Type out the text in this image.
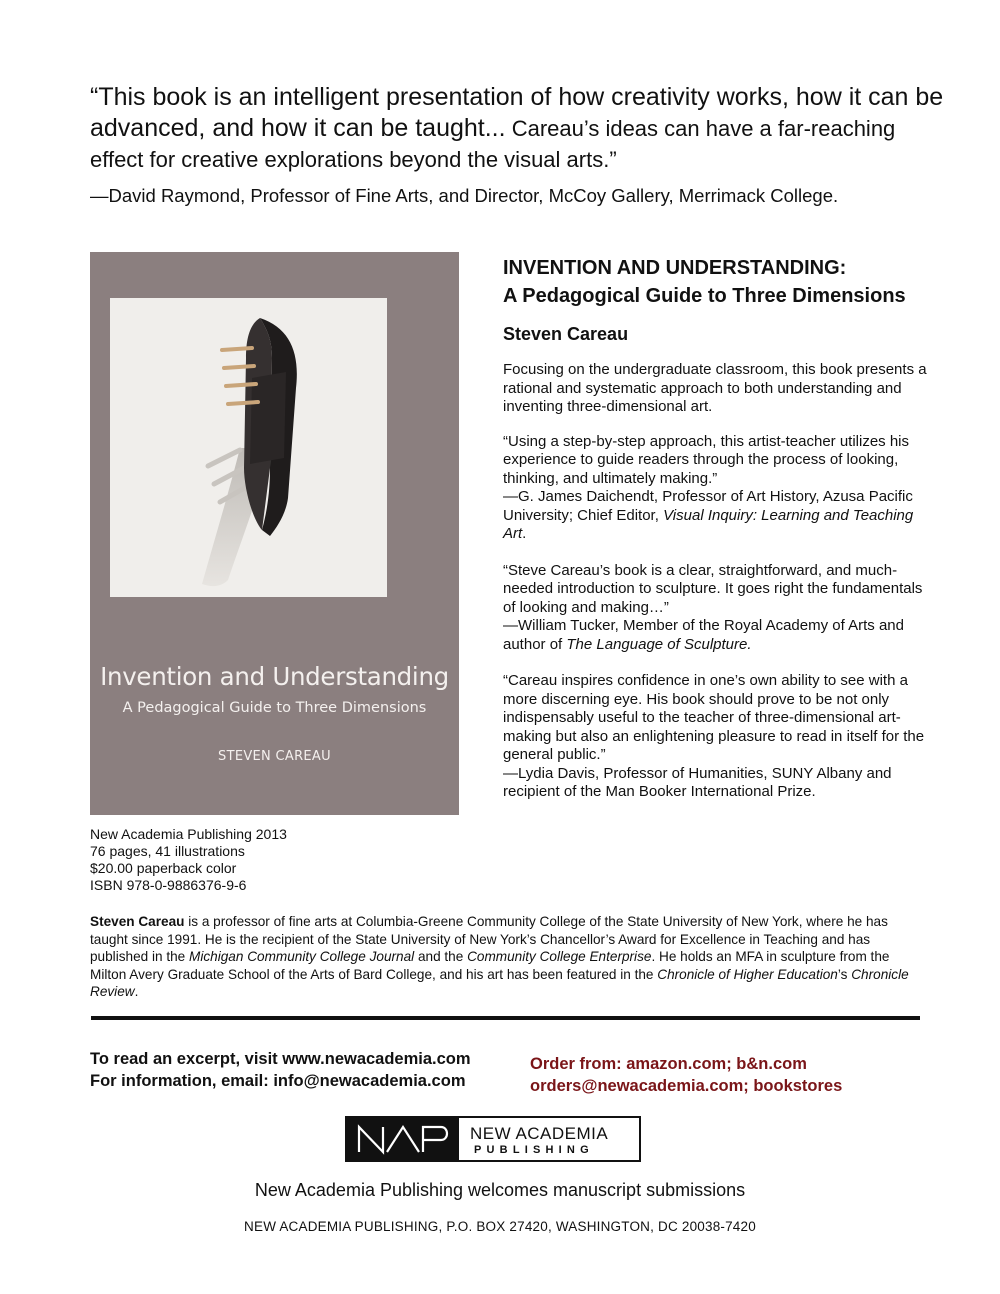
“This book is an intelligent presentation of how creativity works, how it can be advanced, and how it can be taught... Careau’s ideas can have a far-reaching effect for creative explorations beyond the visual arts.”
—David Raymond, Professor of Fine Arts, and Director, McCoy Gallery, Merrimack College.
Invention and Understanding
A Pedagogical Guide to Three Dimensions
STEVEN CAREAU
New Academia Publishing 2013
76 pages, 41 illustrations
$20.00 paperback color
ISBN 978-0-9886376-9-6
INVENTION AND UNDERSTANDING:
A Pedagogical Guide to Three Dimensions
Steven Careau

Focusing on the undergraduate classroom, this book presents a rational and systematic approach to both understanding and inventing three-dimensional art.

“Using a step-by-step approach, this artist-teacher utilizes his experience to guide readers through the process of looking, thinking, and ultimately making.”
—G. James Daichendt, Professor of Art History, Azusa Pacific University; Chief Editor, Visual Inquiry: Learning and Teaching Art.

“Steve Careau’s book is a clear, straightforward, and much-needed introduction to sculpture. It goes right the fundamentals of looking and making…”
—William Tucker, Member of the Royal Academy of Arts and author of The Language of Sculpture.

“Careau inspires confidence in one’s own ability to see with a more discerning eye. His book should prove to be not only indispensably useful to the teacher of three-dimensional art-making but also an enlightening pleasure to read in itself for the general public.”
—Lydia Davis, Professor of Humanities, SUNY Albany and recipient of the Man Booker International Prize.

Steven Careau is a professor of fine arts at Columbia-Greene Community College of the State University of New York, where he has taught since 1991. He is the recipient of the State University of New York’s Chancellor’s Award for Excellence in Teaching and has published in the Michigan Community College Journal and the Community College Enterprise. He holds an MFA in sculpture from the Milton Avery Graduate School of the Arts of Bard College, and his art has been featured in the Chronicle of Higher Education’s Chronicle Review.
To read an excerpt, visit www.newacademia.com
For information, email: info@newacademia.com
Order from: amazon.com; b&n.com
orders@newacademia.com; bookstores
NEW ACADEMIA
PUBLISHING
New Academia Publishing welcomes manuscript submissions
NEW ACADEMIA PUBLISHING, P.O. BOX 27420, WASHINGTON, DC 20038-7420
